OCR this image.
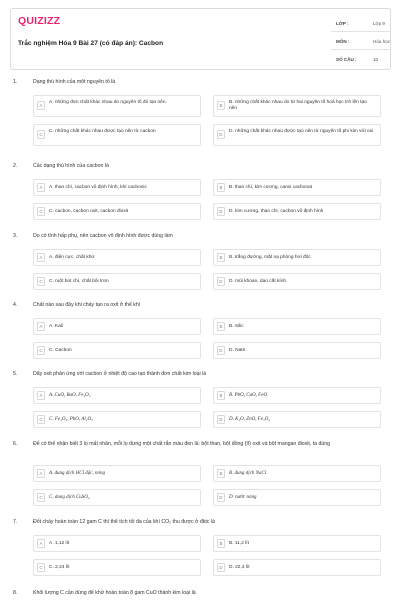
QUIZIZZ
Trắc nghiệm Hóa 9 Bài 27 (có đáp án): Cacbon
LỚP :	Lớp 9
MÔN :	Hóa học
SỐ CÂU :	10
1.	Dạng thù hình của một nguyên tố là
A
A. những đơn chất khác nhau do nguyên tố đó tạo nên.
B
B. những chất khác nhau do từ hai nguyên tố hoá học trở lên tạo nên
C
C. những chất khác nhau được tạo nên từ cacbon
D
D. những chất khác nhau được tạo nên từ nguyên tố phi kim với oxi
2.	Các dạng thù hình của cacbon là
A	A. than chì, cacbon vô định hình, khí cacbonic	B	B. than chì, kim cương, canxi cacbonat
C	C. cacbon, cacbon oxit, cacbon đioxit	D	D. kim cương, than chì, cacbon vô định hình
3.	Do có tính hấp phụ, nên cacbon vô định hình được dùng làm
A	A. điện cực, chất khử	B	B. trắng đường, mặt nạ phòng hơi độc
C	C. ruột bút chì, chất bôi trơn	D	D. mũi khoan, dao cắt kính
4.	Chất nào sau đây khi cháy tạo ra oxit ở thể khí
A	A. Kali	B	B. Silic
C	C. Cacbon	D	D. Natri
5.	Dãy oxit phản ứng với cacbon ở nhiệt độ cao tạo thành đơn chất kim loại là
A	A. CuO, BaO, Fe₂O₃	B	B. PbO, CuO, FeO
C	C. Fe₂O₃, PbO, Al₂O₃	D	D. K₂O, ZnO, Fe₃O₄
6.	Để có thể nhận biết 3 lọ mất nhãn, mỗi lọ đựng một chất rắn màu đen là: bột than, bột đồng (II) oxit và bột mangan đioxit, ta dùng
A	A. dung dịch HCl đặc, nóng	B	B. dung dịch NaCl
C	C. dung dịch CuSO₄	D	D. nước nóng
7.	Đốt cháy hoàn toàn 12 gam C thì thể tích tối đa của khí CO₂ thu được ở đktc là
A	A. 1,12 lít	B	B. 11,2 lít
C	C. 2,24 lít	D	D. 22,4 lít
8.	Khối lượng C cần dùng để khử hoàn toàn 8 gam CuO thành kim loại là
